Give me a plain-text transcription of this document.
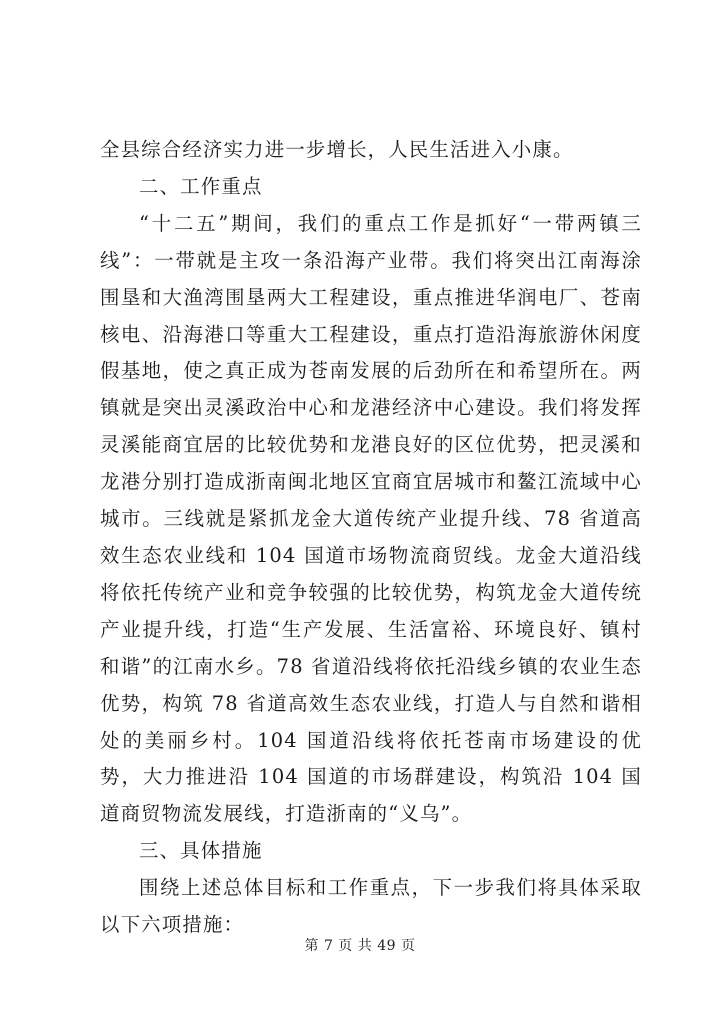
全县综合经济实力进一步增长，人民生活进入小康。

二、工作重点

“十二五”期间，我们的重点工作是抓好“一带两镇三线”：一带就是主攻一条沿海产业带。我们将突出江南海涂围垦和大渔湾围垦两大工程建设，重点推进华润电厂、苍南核电、沿海港口等重大工程建设，重点打造沿海旅游休闲度假基地，使之真正成为苍南发展的后劲所在和希望所在。两镇就是突出灵溪政治中心和龙港经济中心建设。我们将发挥灵溪能商宜居的比较优势和龙港良好的区位优势，把灵溪和龙港分别打造成浙南闽北地区宜商宜居城市和鳌江流域中心城市。三线就是紧抓龙金大道传统产业提升线、78 省道高效生态农业线和 104 国道市场物流商贸线。龙金大道沿线将依托传统产业和竞争较强的比较优势，构筑龙金大道传统产业提升线，打造“生产发展、生活富裕、环境良好、镇村和谐”的江南水乡。78 省道沿线将依托沿线乡镇的农业生态优势，构筑 78 省道高效生态农业线，打造人与自然和谐相处的美丽乡村。104 国道沿线将依托苍南市场建设的优势，大力推进沿 104 国道的市场群建设，构筑沿 104 国道商贸物流发展线，打造浙南的“义乌”。

三、具体措施

围绕上述总体目标和工作重点，下一步我们将具体采取以下六项措施：

第 7 页 共 49 页
